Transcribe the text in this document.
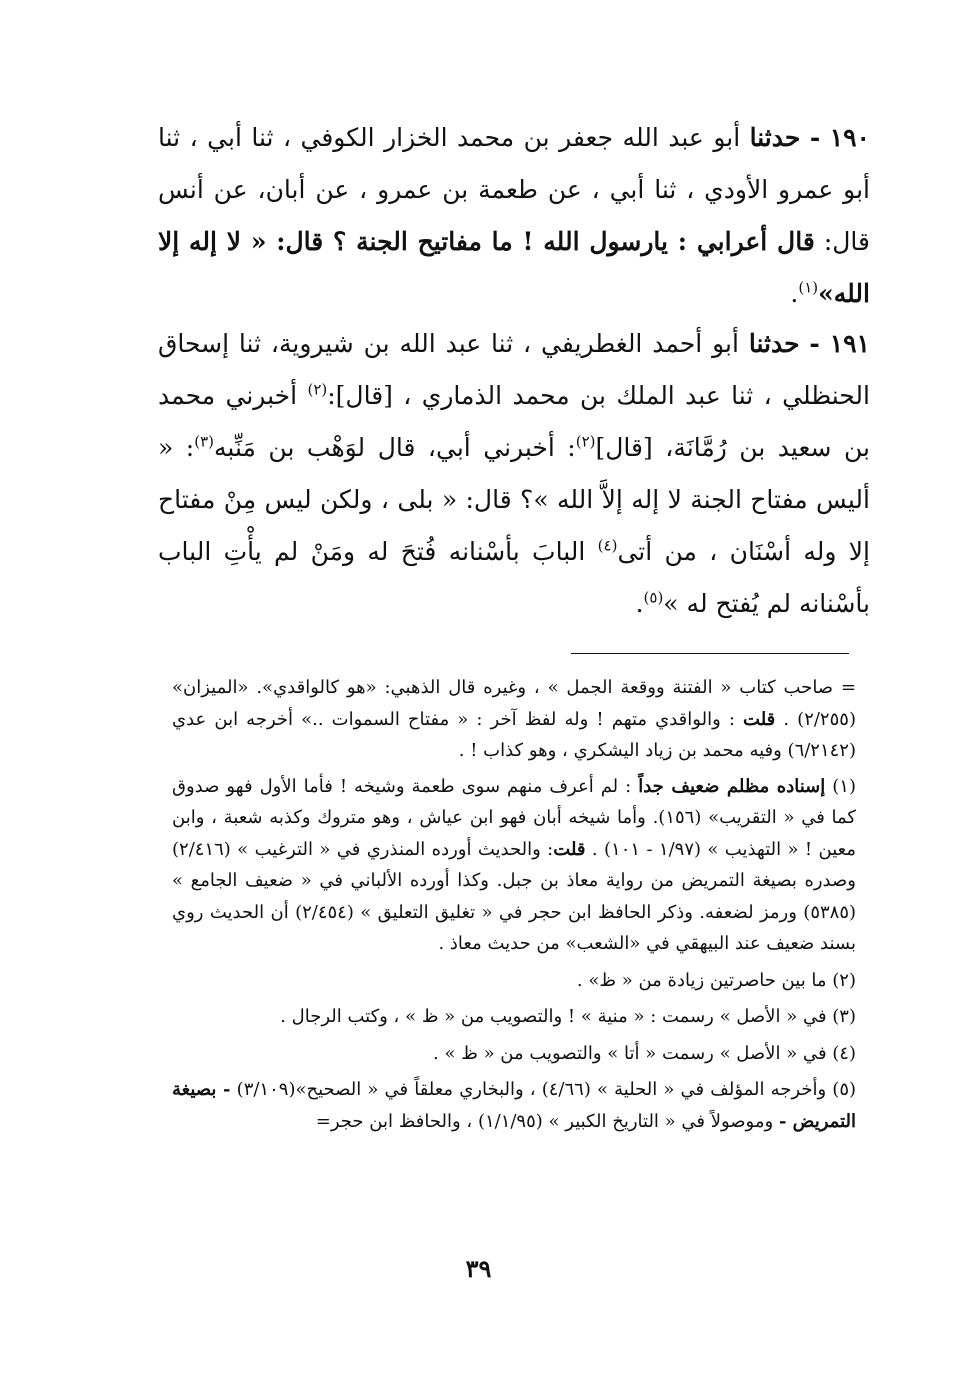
١٩٠ - حدثنا أبو عبد الله جعفر بن محمد الخزار الكوفي ، ثنا أبي ، ثنا أبو عمرو الأودي ، ثنا أبي ، عن طعمة بن عمرو ، عن أبان، عن أنس قال: قال أعرابي : يارسول الله ! ما مفاتيح الجنة ؟ قال: « لا إله إلا الله»$^{(١)}$.

١٩١ - حدثنا أبو أحمد الغطريفي ، ثنا عبد الله بن شيروية، ثنا إسحاق الحنظلي ، ثنا عبد الملك بن محمد الذماري ، [قال]:$^{(٢)}$ أخبرني محمد بن سعيد بن رُمَّانَة، [قال]$^{(٢)}$: أخبرني أبي، قال لوَهْب بن مَنِّبه$^{(٣)}$: « أليس مفتاح الجنة لا إله إلاَّ الله »؟ قال: « بلى ، ولكن ليس مِنْ مفتاح إلا وله أسْنَان ، من أتى$^{(٤)}$ البابَ بأسْنانه فُتحَ له ومَنْ لم يأْتِ الباب بأسْنانه لم يُفتح له »$^{(٥)}$.

= صاحب كتاب « الفتنة ووقعة الجمل » ، وغيره قال الذهبي: «هو كالواقدي». «الميزان» (٢/٢٥٥) . قلت : والواقدي متهم ! وله لفظ آخر : « مفتاح السموات ..» أخرجه ابن عدي (٦/٢١٤٢) وفيه محمد بن زياد اليشكري ، وهو كذاب ! .

(١) إسناده مظلم ضعيف جداً : لم أعرف منهم سوى طعمة وشيخه ! فأما الأول فهو صدوق كما في « التقريب» (١٥٦). وأما شيخه أبان فهو ابن عياش ، وهو متروك وكذبه شعبة ، وابن معين ! « التهذيب » (١/٩٧ - ١٠١) . قلت: والحديث أورده المنذري في « الترغيب » (٢/٤١٦) وصدره بصيغة التمريض من رواية معاذ بن جبل. وكذا أورده الألباني في « ضعيف الجامع » (٥٣٨٥) ورمز لضعفه. وذكر الحافظ ابن حجر في « تغليق التعليق » (٢/٤٥٤) أن الحديث روي بسند ضعيف عند البيهقي في «الشعب» من حديث معاذ .

(٢) ما بين حاصرتين زيادة من « ظ» .

(٣) في « الأصل » رسمت : « منية » ! والتصويب من « ظ » ، وكتب الرجال .

(٤) في « الأصل » رسمت « أتا » والتصويب من « ظ » .

(٥) وأخرجه المؤلف في « الحلية » (٤/٦٦) ، والبخاري معلقاً في « الصحيح»(٣/١٠٩) - بصيغة التمريض - وموصولاً في « التاريخ الكبير » (١/١/٩٥) ، والحافظ ابن حجر=

٣٩
